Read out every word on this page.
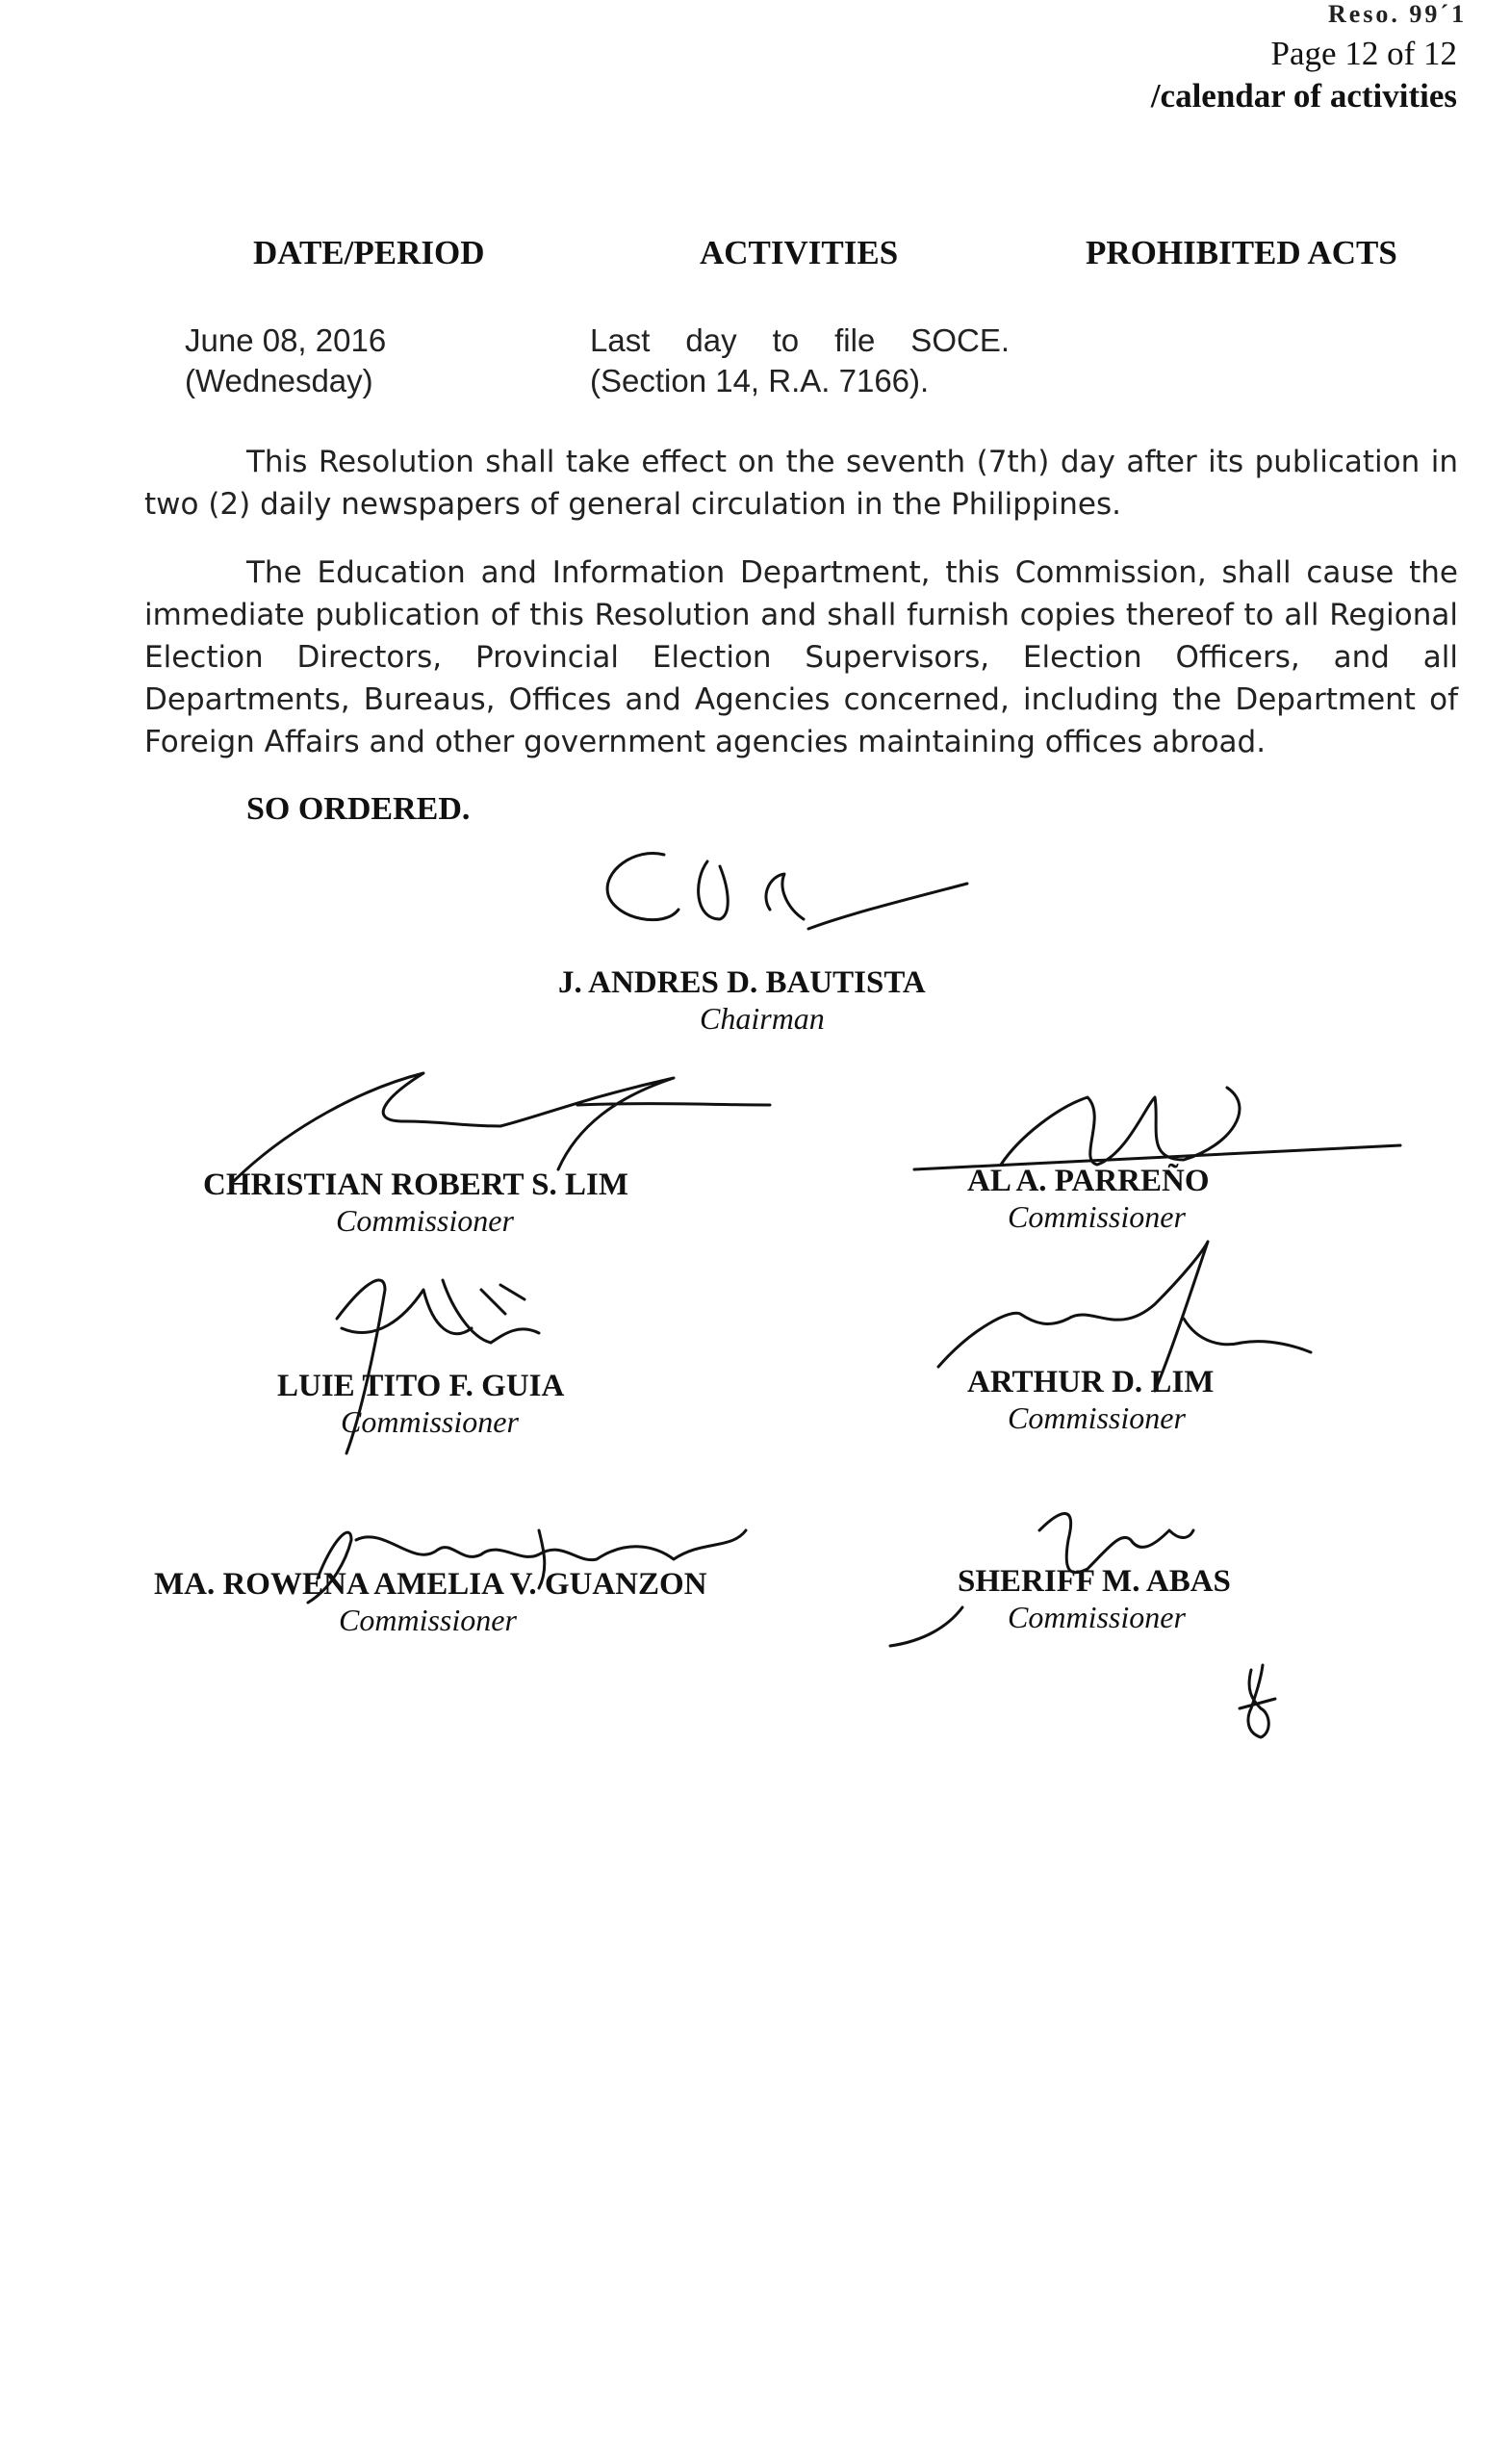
Reso. 99´1
Page 12 of 12
/calendar of activities
DATE/PERIOD	ACTIVITIES	PROHIBITED ACTS
June 08, 2016
(Wednesday)
Last day to file SOCE.
(Section 14, R.A. 7166).
This Resolution shall take effect on the seventh (7th) day after its publication in two (2) daily newspapers of general circulation in the Philippines.
The Education and Information Department, this Commission, shall cause the immediate publication of this Resolution and shall furnish copies thereof to all Regional Election Directors, Provincial Election Supervisors, Election Officers, and all Departments, Bureaus, Offices and Agencies concerned, including the Department of Foreign Affairs and other government agencies maintaining offices abroad.
SO ORDERED.
J. ANDRES D. BAUTISTA
Chairman
CHRISTIAN ROBERT S. LIM
Commissioner
AL A. PARREÑO
Commissioner
LUIE TITO F. GUIA
Commissioner
ARTHUR D. LIM
Commissioner
MA. ROWENA AMELIA V. GUANZON
Commissioner
SHERIFF M. ABAS
Commissioner
